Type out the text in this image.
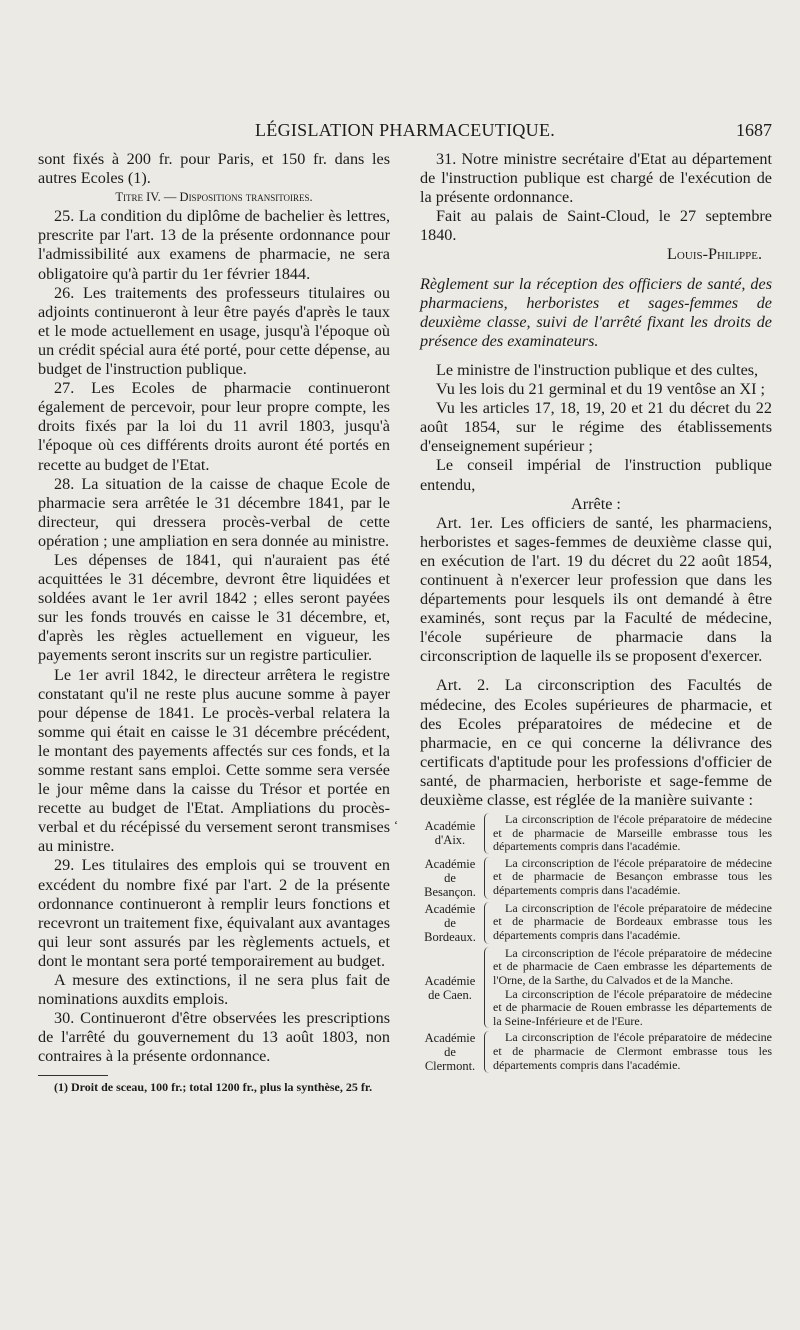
LÉGISLATION PHARMACEUTIQUE.	1687

sont fixés à 200 fr. pour Paris, et 150 fr. dans les autres Ecoles (1).

Titre IV. — Dispositions transitoires.

25. La condition du diplôme de bachelier ès lettres, prescrite par l'art. 13 de la présente ordonnance pour l'admissibilité aux examens de pharmacie, ne sera obligatoire qu'à partir du 1er février 1844.

26. Les traitements des professeurs titulaires ou adjoints continueront à leur être payés d'après le taux et le mode actuellement en usage, jusqu'à l'époque où un crédit spécial aura été porté, pour cette dépense, au budget de l'instruction publique.

27. Les Ecoles de pharmacie continueront également de percevoir, pour leur propre compte, les droits fixés par la loi du 11 avril 1803, jusqu'à l'époque où ces différents droits auront été portés en recette au budget de l'Etat.

28. La situation de la caisse de chaque Ecole de pharmacie sera arrêtée le 31 décembre 1841, par le directeur, qui dressera procès-verbal de cette opération ; une ampliation en sera donnée au ministre.

Les dépenses de 1841, qui n'auraient pas été acquittées le 31 décembre, devront être liquidées et soldées avant le 1er avril 1842 ; elles seront payées sur les fonds trouvés en caisse le 31 décembre, et, d'après les règles actuellement en vigueur, les payements seront inscrits sur un registre particulier.

Le 1er avril 1842, le directeur arrêtera le registre constatant qu'il ne reste plus aucune somme à payer pour dépense de 1841. Le procès-verbal relatera la somme qui était en caisse le 31 décembre précédent, le montant des payements affectés sur ces fonds, et la somme restant sans emploi. Cette somme sera versée le jour même dans la caisse du Trésor et portée en recette au budget de l'Etat. Ampliations du procès-verbal et du récépissé du versement seront transmises au ministre.

29. Les titulaires des emplois qui se trouvent en excédent du nombre fixé par l'art. 2 de la présente ordonnance continueront à remplir leurs fonctions et recevront un traitement fixe, équivalant aux avantages qui leur sont assurés par les règlements actuels, et dont le montant sera porté temporairement au budget.

A mesure des extinctions, il ne sera plus fait de nominations auxdits emplois.

30. Continueront d'être observées les prescriptions de l'arrêté du gouvernement du 13 août 1803, non contraires à la présente ordonnance.

(1) Droit de sceau, 100 fr.; total 1200 fr., plus la synthèse, 25 fr.

31. Notre ministre secrétaire d'Etat au département de l'instruction publique est chargé de l'exécution de la présente ordonnance.

Fait au palais de Saint-Cloud, le 27 septembre 1840.

Louis-Philippe.

Règlement sur la réception des officiers de santé, des pharmaciens, herboristes et sages-femmes de deuxième classe, suivi de l'arrêté fixant les droits de présence des examinateurs.

Le ministre de l'instruction publique et des cultes,

Vu les lois du 21 germinal et du 19 ventôse an XI ;

Vu les articles 17, 18, 19, 20 et 21 du décret du 22 août 1854, sur le régime des établissements d'enseignement supérieur ;

Le conseil impérial de l'instruction publique entendu,

Arrête :

Art. 1er. Les officiers de santé, les pharmaciens, herboristes et sages-femmes de deuxième classe qui, en exécution de l'art. 19 du décret du 22 août 1854, continuent à n'exercer leur profession que dans les départements pour lesquels ils ont demandé à être examinés, sont reçus par la Faculté de médecine, l'école supérieure de pharmacie dans la circonscription de laquelle ils se proposent d'exercer.

Art. 2. La circonscription des Facultés de médecine, des Ecoles supérieures de pharmacie, et des Ecoles préparatoires de médecine et de pharmacie, en ce qui concerne la délivrance des certificats d'aptitude pour les professions d'officier de santé, de pharmacien, herboriste et sage-femme de deuxième classe, est réglée de la manière suivante :

Académie d'Aix.

La circonscription de l'école préparatoire de médecine et de pharmacie de Marseille embrasse tous les départements compris dans l'académie.

Académie de Besançon.

La circonscription de l'école préparatoire de médecine et de pharmacie de Besançon embrasse tous les départements compris dans l'académie.

Académie de Bordeaux.

La circonscription de l'école préparatoire de médecine et de pharmacie de Bordeaux embrasse tous les départements compris dans l'académie.

Académie de Caen.

La circonscription de l'école préparatoire de médecine et de pharmacie de Caen embrasse les départements de l'Orne, de la Sarthe, du Calvados et de la Manche.

La circonscription de l'école préparatoire de médecine et de pharmacie de Rouen embrasse les départements de la Seine-Inférieure et de l'Eure.

Académie de Clermont.

La circonscription de l'école préparatoire de médecine et de pharmacie de Clermont embrasse tous les départements compris dans l'académie.

‘
